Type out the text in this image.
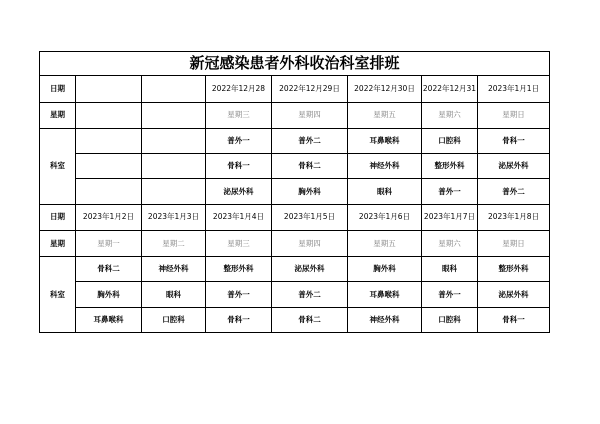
新冠感染患者外科收治科室排班							
日期			2022年12月28	2022年12月29日	2022年12月30日	2022年12月31	2023年1月1日
星期			星期三	星期四	星期五	星期六	星期日
科室			普外一	普外二	耳鼻喉科	口腔科	骨科一
			骨科一	骨科二	神经外科	整形外科	泌尿外科
			泌尿外科	胸外科	眼科	普外一	普外二
日期	2023年1月2日	2023年1月3日	2023年1月4日	2023年1月5日	2023年1月6日	2023年1月7日	2023年1月8日
星期	星期一	星期二	星期三	星期四	星期五	星期六	星期日
科室	骨科二	神经外科	整形外科	泌尿外科	胸外科	眼科	整形外科
	胸外科	眼科	普外一	普外二	耳鼻喉科	普外一	泌尿外科
	耳鼻喉科	口腔科	骨科一	骨科二	神经外科	口腔科	骨科一
